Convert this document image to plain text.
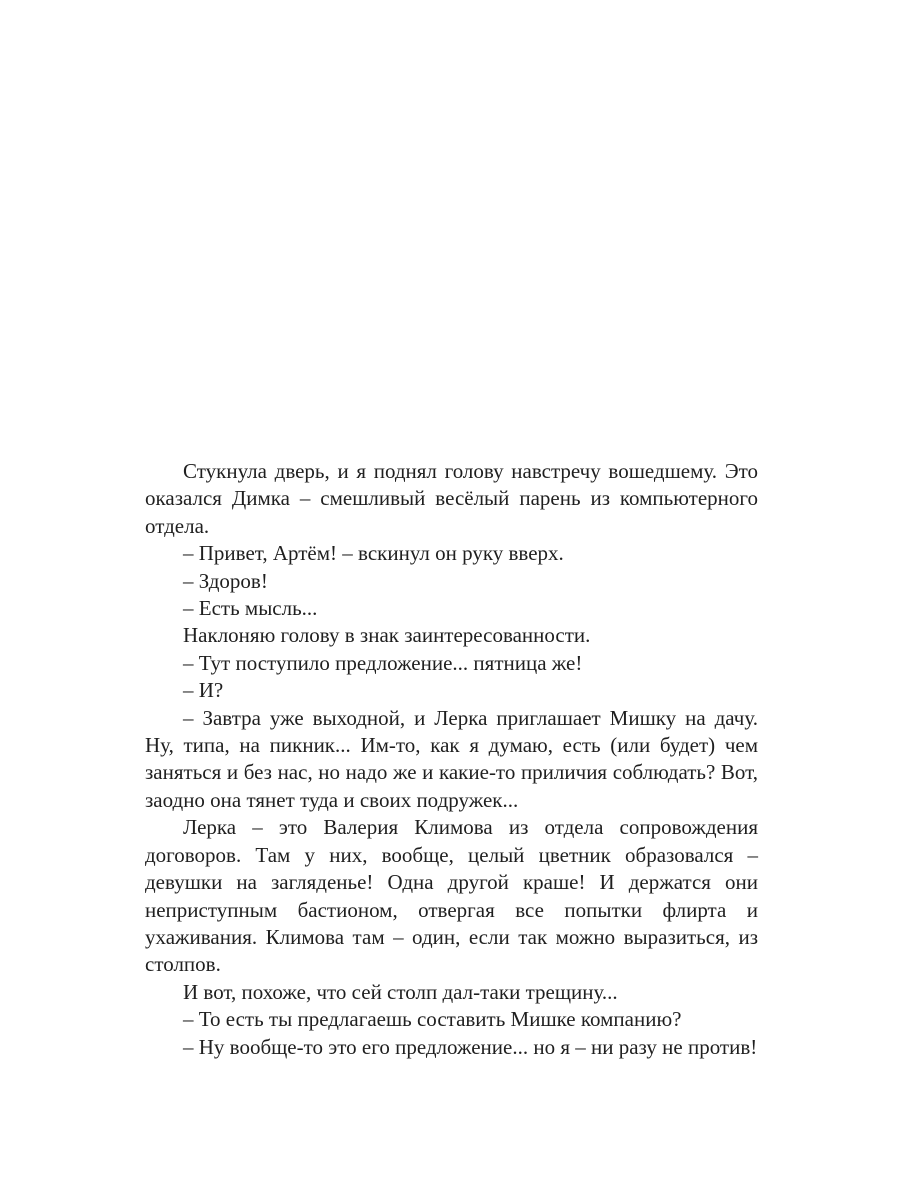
Стукнула дверь, и я поднял голову навстречу вошедшему. Это оказался Димка – смешливый весёлый парень из компьютерного отдела.

– Привет, Артём! – вскинул он руку вверх.

– Здоров!

– Есть мысль...

Наклоняю голову в знак заинтересованности.

– Тут поступило предложение... пятница же!

– И?

– Завтра уже выходной, и Лерка приглашает Мишку на дачу. Ну, типа, на пикник... Им-то, как я думаю, есть (или будет) чем заняться и без нас, но надо же и какие-то приличия соблюдать? Вот, заодно она тянет туда и своих подружек...

Лерка – это Валерия Климова из отдела сопровождения договоров. Там у них, вообще, целый цветник образовался – девушки на загляденье! Одна другой краше! И держатся они неприступным бастионом, отвергая все попытки флирта и ухаживания. Климова там – один, если так можно выразиться, из столпов.

И вот, похоже, что сей столп дал-таки трещину...

– То есть ты предлагаешь составить Мишке компанию?

– Ну вообще-то это его предложение... но я – ни разу не против!
